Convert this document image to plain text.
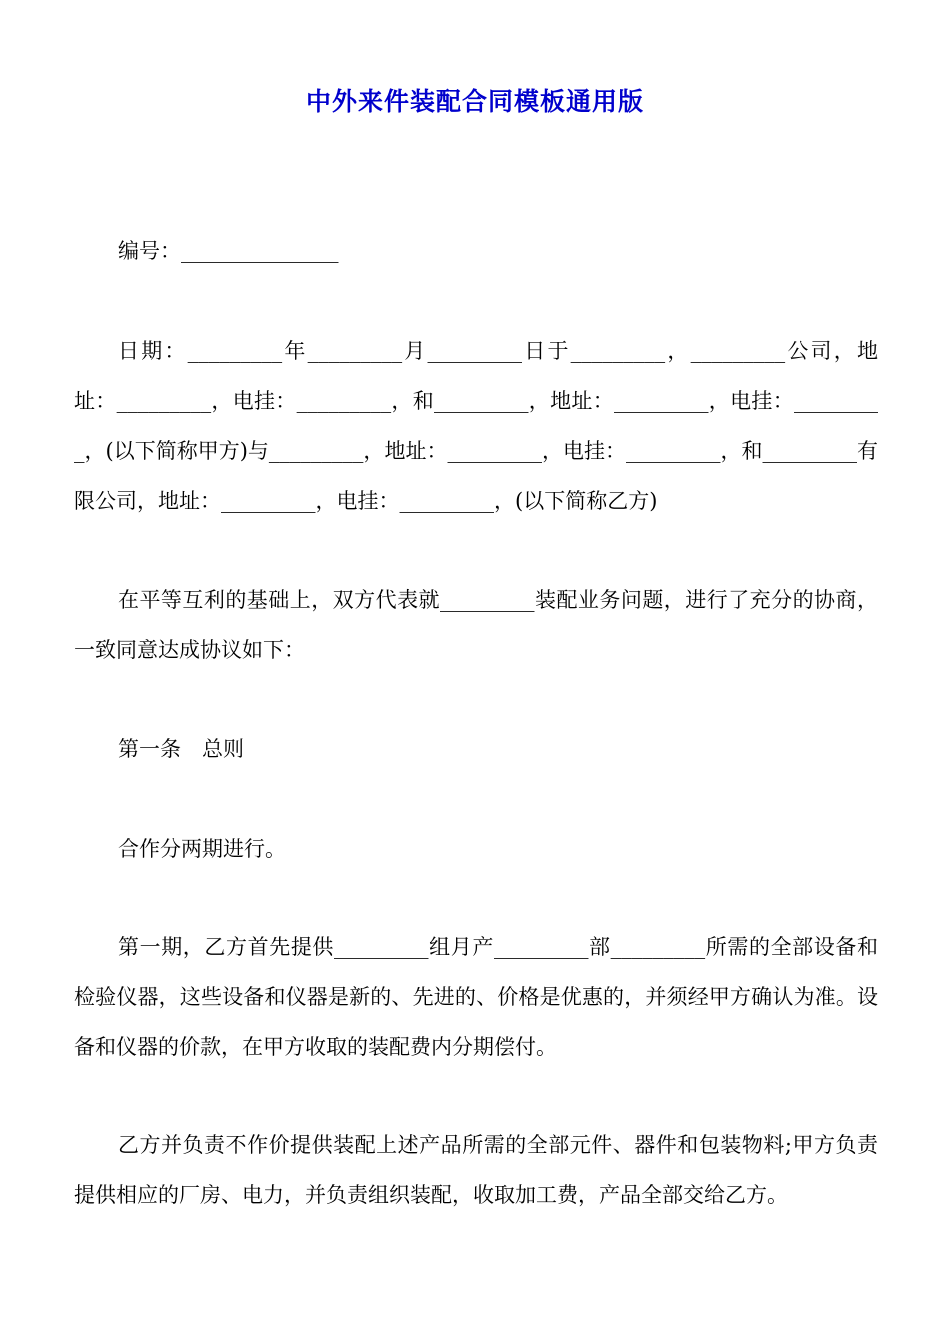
中外来件装配合同模板通用版

编号：_______________

日期：_________年_________月_________日于_________，_________公司，地址：_________，电挂：_________，和_________，地址：_________，电挂：_________，(以下简称甲方)与_________，地址：_________，电挂：_________，和_________有限公司，地址：_________，电挂：_________，(以下简称乙方)

在平等互利的基础上，双方代表就_________装配业务问题，进行了充分的协商，一致同意达成协议如下：

第一条　总则

合作分两期进行。

第一期，乙方首先提供_________组月产_________部_________所需的全部设备和检验仪器，这些设备和仪器是新的、先进的、价格是优惠的，并须经甲方确认为准。设备和仪器的价款，在甲方收取的装配费内分期偿付。

乙方并负责不作价提供装配上述产品所需的全部元件、器件和包装物料;甲方负责提供相应的厂房、电力，并负责组织装配，收取加工费，产品全部交给乙方。
